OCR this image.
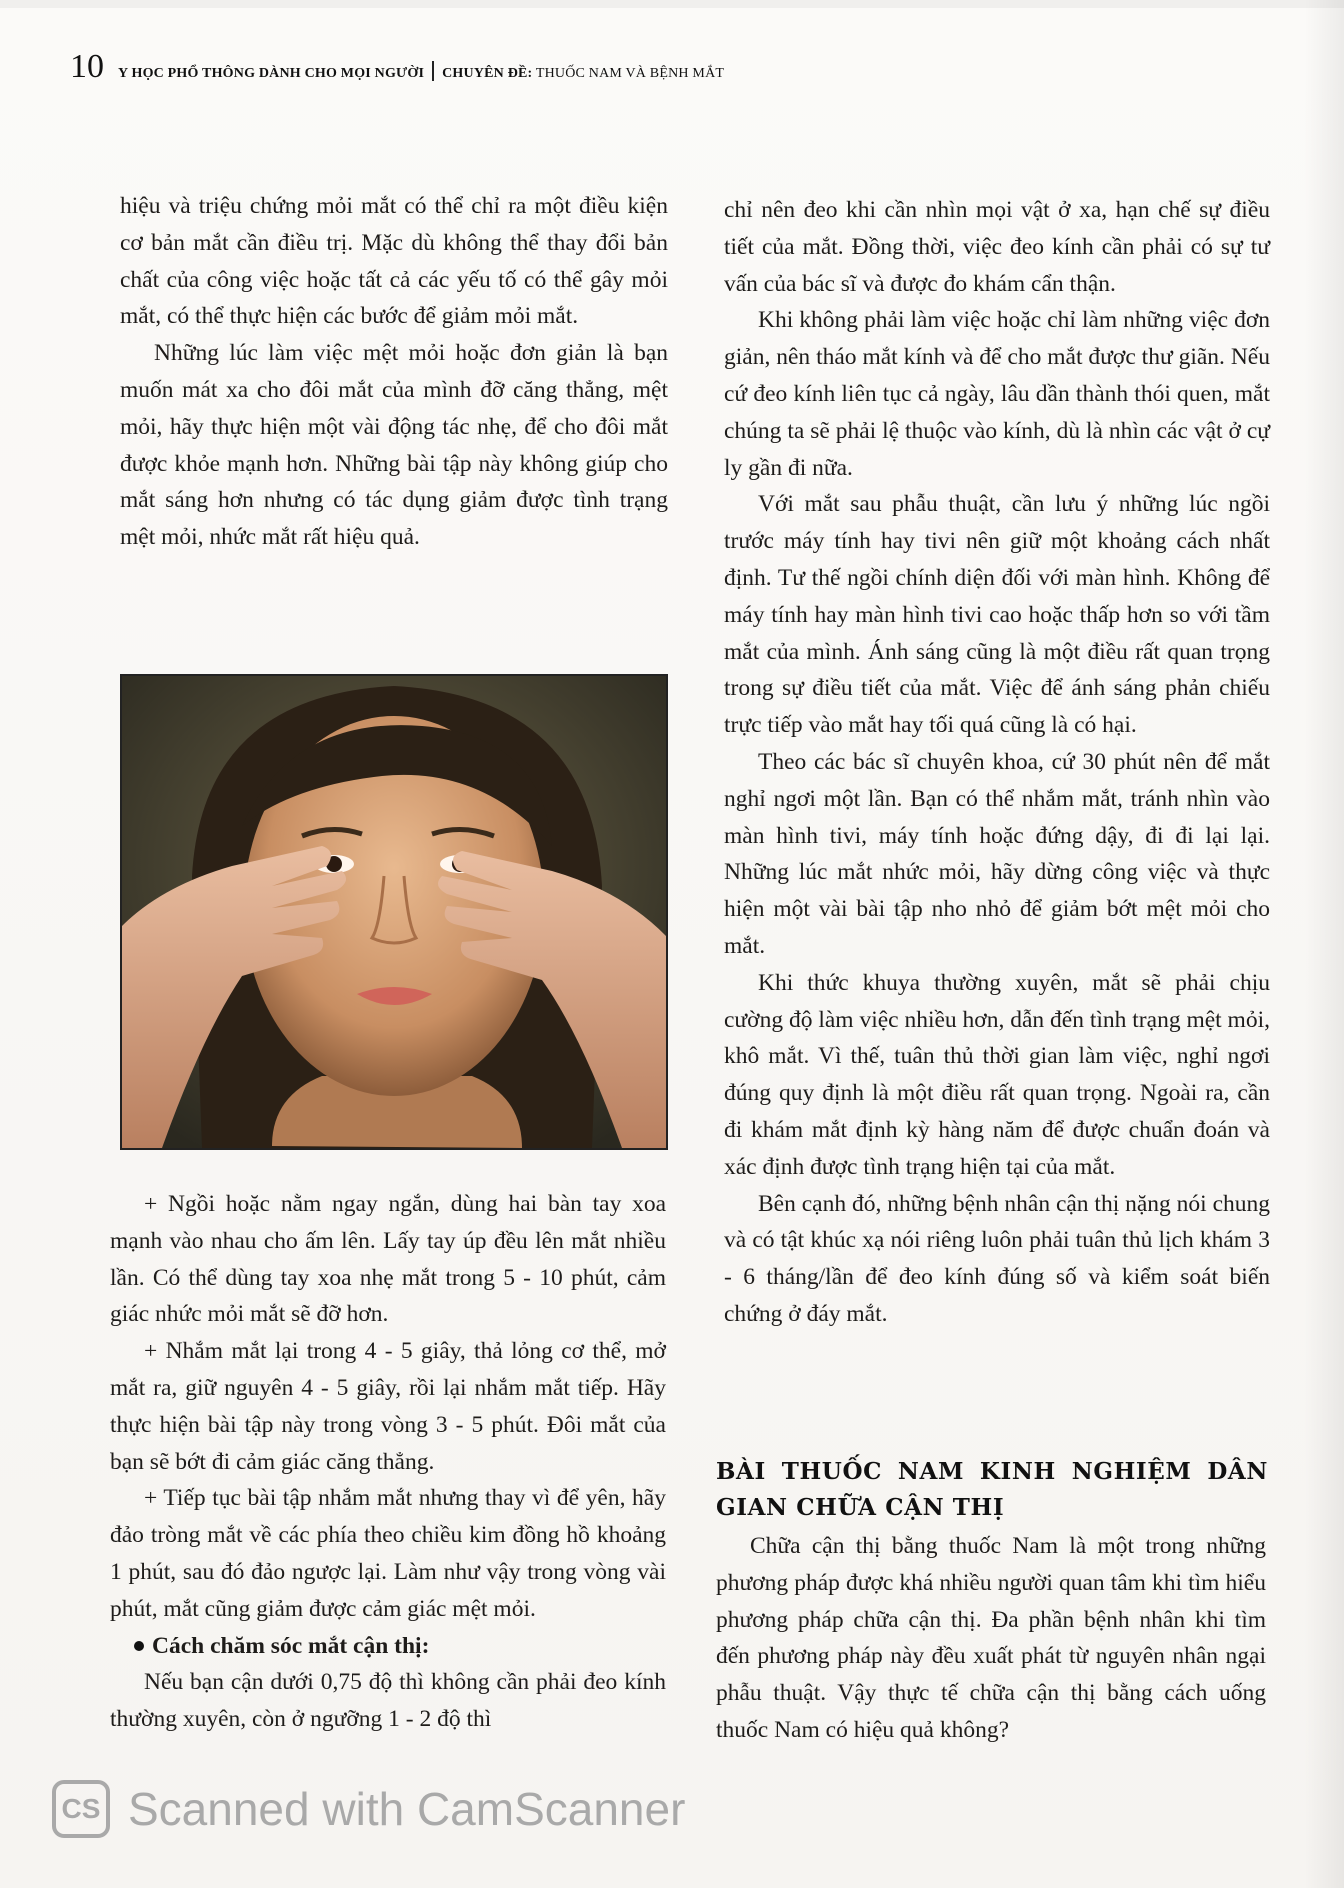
10 Y HỌC PHỔ THÔNG DÀNH CHO MỌI NGƯỜI CHUYÊN ĐỀ: THUỐC NAM VÀ BỆNH MẮT

hiệu và triệu chứng mỏi mắt có thể chỉ ra một điều kiện cơ bản mắt cần điều trị. Mặc dù không thể thay đổi bản chất của công việc hoặc tất cả các yếu tố có thể gây mỏi mắt, có thể thực hiện các bước để giảm mỏi mắt.

Những lúc làm việc mệt mỏi hoặc đơn giản là bạn muốn mát xa cho đôi mắt của mình đỡ căng thẳng, mệt mỏi, hãy thực hiện một vài động tác nhẹ, để cho đôi mắt được khỏe mạnh hơn. Những bài tập này không giúp cho mắt sáng hơn nhưng có tác dụng giảm được tình trạng mệt mỏi, nhức mắt rất hiệu quả.

+ Ngồi hoặc nằm ngay ngắn, dùng hai bàn tay xoa mạnh vào nhau cho ấm lên. Lấy tay úp đều lên mắt nhiều lần. Có thể dùng tay xoa nhẹ mắt trong 5 - 10 phút, cảm giác nhức mỏi mắt sẽ đỡ hơn.

+ Nhắm mắt lại trong 4 - 5 giây, thả lỏng cơ thể, mở mắt ra, giữ nguyên 4 - 5 giây, rồi lại nhắm mắt tiếp. Hãy thực hiện bài tập này trong vòng 3 - 5 phút. Đôi mắt của bạn sẽ bớt đi cảm giác căng thẳng.

+ Tiếp tục bài tập nhắm mắt nhưng thay vì để yên, hãy đảo tròng mắt về các phía theo chiều kim đồng hồ khoảng 1 phút, sau đó đảo ngược lại. Làm như vậy trong vòng vài phút, mắt cũng giảm được cảm giác mệt mỏi.

Cách chăm sóc mắt cận thị:

Nếu bạn cận dưới 0,75 độ thì không cần phải đeo kính thường xuyên, còn ở ngưỡng 1 - 2 độ thì

chỉ nên đeo khi cần nhìn mọi vật ở xa, hạn chế sự điều tiết của mắt. Đồng thời, việc đeo kính cần phải có sự tư vấn của bác sĩ và được đo khám cẩn thận.

Khi không phải làm việc hoặc chỉ làm những việc đơn giản, nên tháo mắt kính và để cho mắt được thư giãn. Nếu cứ đeo kính liên tục cả ngày, lâu dần thành thói quen, mắt chúng ta sẽ phải lệ thuộc vào kính, dù là nhìn các vật ở cự ly gần đi nữa.

Với mắt sau phẫu thuật, cần lưu ý những lúc ngồi trước máy tính hay tivi nên giữ một khoảng cách nhất định. Tư thế ngồi chính diện đối với màn hình. Không để máy tính hay màn hình tivi cao hoặc thấp hơn so với tầm mắt của mình. Ánh sáng cũng là một điều rất quan trọng trong sự điều tiết của mắt. Việc để ánh sáng phản chiếu trực tiếp vào mắt hay tối quá cũng là có hại.

Theo các bác sĩ chuyên khoa, cứ 30 phút nên để mắt nghỉ ngơi một lần. Bạn có thể nhắm mắt, tránh nhìn vào màn hình tivi, máy tính hoặc đứng dậy, đi đi lại lại. Những lúc mắt nhức mỏi, hãy dừng công việc và thực hiện một vài bài tập nho nhỏ để giảm bớt mệt mỏi cho mắt.

Khi thức khuya thường xuyên, mắt sẽ phải chịu cường độ làm việc nhiều hơn, dẫn đến tình trạng mệt mỏi, khô mắt. Vì thế, tuân thủ thời gian làm việc, nghỉ ngơi đúng quy định là một điều rất quan trọng. Ngoài ra, cần đi khám mắt định kỳ hàng năm để được chuẩn đoán và xác định được tình trạng hiện tại của mắt.

Bên cạnh đó, những bệnh nhân cận thị nặng nói chung và có tật khúc xạ nói riêng luôn phải tuân thủ lịch khám 3 - 6 tháng/lần để đeo kính đúng số và kiểm soát biến chứng ở đáy mắt.

BÀI THUỐC NAM KINH NGHIỆM DÂN GIAN CHỮA CẬN THỊ

Chữa cận thị bằng thuốc Nam là một trong những phương pháp được khá nhiều người quan tâm khi tìm hiểu phương pháp chữa cận thị. Đa phần bệnh nhân khi tìm đến phương pháp này đều xuất phát từ nguyên nhân ngại phẫu thuật. Vậy thực tế chữa cận thị bằng cách uống thuốc Nam có hiệu quả không?

CS Scanned with CamScanner
